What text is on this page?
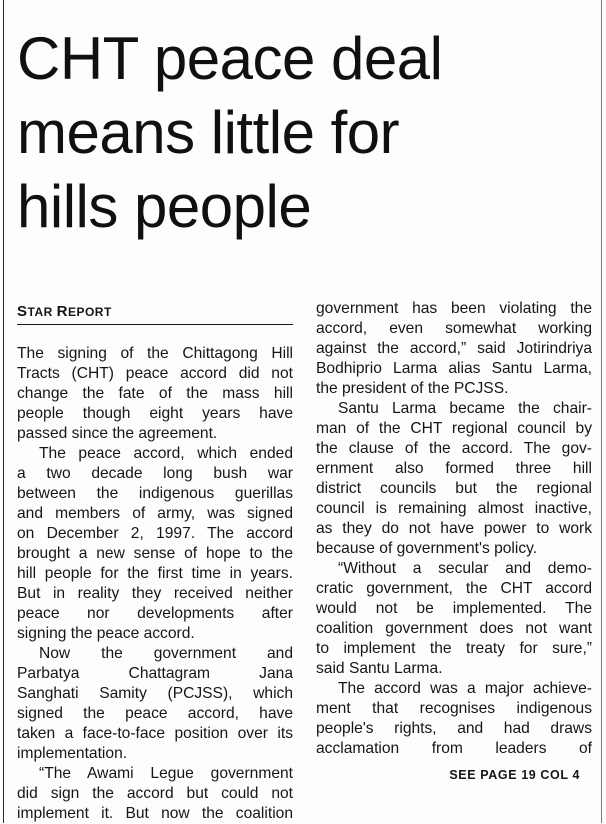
CHT peace deal
means little for
hills people
STAR REPORT
The signing of the Chittagong Hill
Tracts (CHT) peace accord did not
change the fate of the mass hill
people though eight years have
passed since the agreement.
The peace accord, which ended
a two decade long bush war
between the indigenous guerillas
and members of army, was signed
on December 2, 1997. The accord
brought a new sense of hope to the
hill people for the first time in years.
But in reality they received neither
peace nor developments after
signing the peace accord.
Now the government and
Parbatya Chattagram Jana
Sanghati Samity (PCJSS), which
signed the peace accord, have
taken a face-to-face position over its
implementation.
“The Awami Legue government
did sign the accord but could not
implement it. But now the coalition
government has been violating the
accord, even somewhat working
against the accord,” said Jotirindriya
Bodhiprio Larma alias Santu Larma,
the president of the PCJSS.
Santu Larma became the chair-
man of the CHT regional council by
the clause of the accord. The gov-
ernment also formed three hill
district councils but the regional
council is remaining almost inactive,
as they do not have power to work
because of government's policy.
“Without a secular and demo-
cratic government, the CHT accord
would not be implemented. The
coalition government does not want
to implement the treaty for sure,”
said Santu Larma.
The accord was a major achieve-
ment that recognises indigenous
people's rights, and had draws
acclamation from leaders of
SEE PAGE 19 COL 4
